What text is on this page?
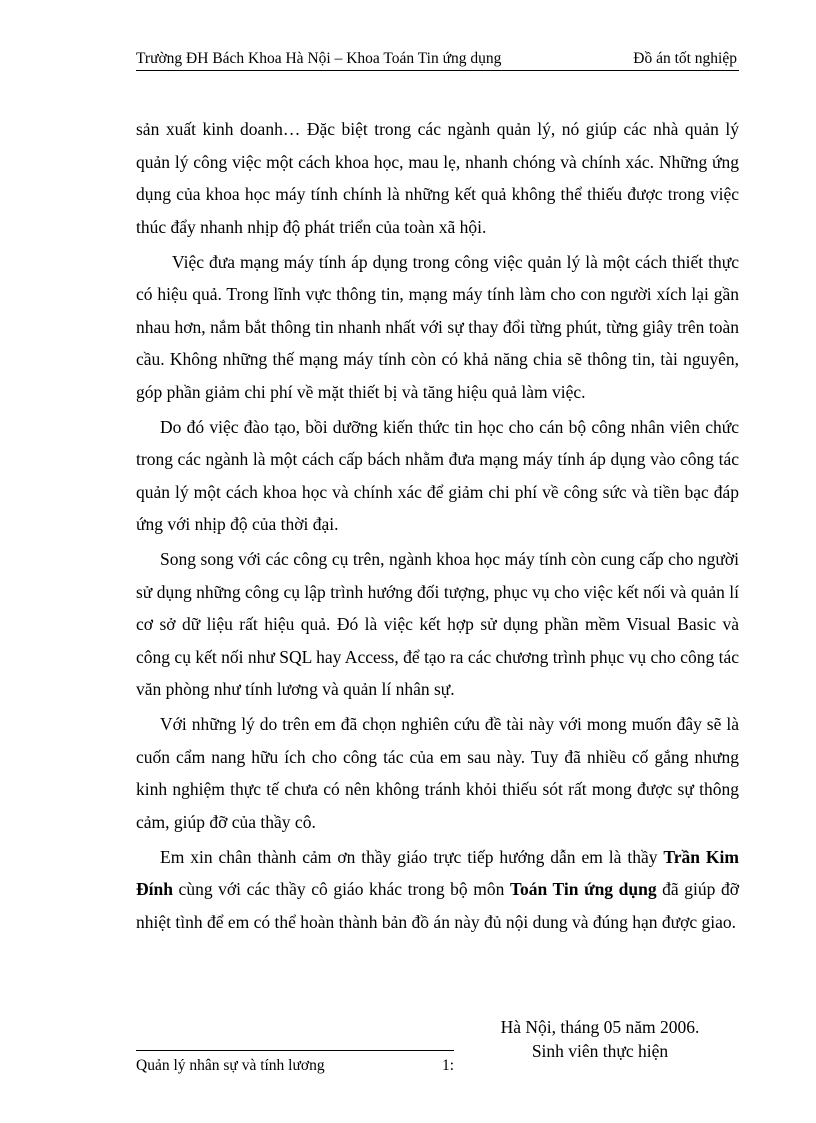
Trường ĐH Bách Khoa Hà Nội – Khoa Toán Tin ứng dụng	Đồ án tốt nghiệp

sản xuất kinh doanh… Đặc biệt trong các ngành quản lý, nó giúp các nhà quản lý quản lý công việc một cách khoa học, mau lẹ, nhanh chóng và chính xác. Những ứng dụng của khoa học máy tính chính là những kết quả không thể thiếu được trong việc thúc đẩy nhanh nhịp độ phát triển của toàn xã hội.

Việc đưa mạng máy tính áp dụng trong công việc quản lý là một cách thiết thực có hiệu quả. Trong lĩnh vực thông tin, mạng máy tính làm cho con người xích lại gần nhau hơn, nắm bắt thông tin nhanh nhất với sự thay đổi từng phút, từng giây trên toàn cầu. Không những thế mạng máy tính còn có khả năng chia sẽ thông tin, tài nguyên, góp phần giảm chi phí về mặt thiết bị và tăng hiệu quả làm việc.

Do đó việc đào tạo, bồi dưỡng kiến thức tin học cho cán bộ công nhân viên chức trong các ngành là một cách cấp bách nhằm đưa mạng máy tính áp dụng vào công tác quản lý một cách khoa học và chính xác để giảm chi phí về công sức và tiền bạc đáp ứng với nhịp độ của thời đại.

Song song với các công cụ trên, ngành khoa học máy tính còn cung cấp cho người sử dụng những công cụ lập trình hướng đối tượng, phục vụ cho việc kết nối và quản lí cơ sở dữ liệu rất hiệu quả. Đó là việc kết hợp sử dụng phần mềm Visual Basic và công cụ kết nối như SQL hay Access, để tạo ra các chương trình phục vụ cho công tác văn phòng như tính lương và quản lí nhân sự.

Với những lý do trên em đã chọn nghiên cứu đề tài này với mong muốn đây sẽ là cuốn cẩm nang hữu ích cho công tác của em sau này. Tuy đã nhiều cố gắng nhưng kinh nghiệm thực tế chưa có nên không tránh khỏi thiếu sót rất mong được sự thông cảm, giúp đỡ của thầy cô.

Em xin chân thành cảm ơn thầy giáo trực tiếp hướng dẫn em là thầy Trần Kim Đính cùng với các thầy cô giáo khác trong bộ môn Toán Tin ứng dụng đã giúp đỡ nhiệt tình để em có thể hoàn thành bản đồ án này đủ nội dung và đúng hạn được giao.

Hà Nội, tháng 05 năm 2006.
Sinh viên thực hiện
Quản lý nhân sự và tính lương	1:
